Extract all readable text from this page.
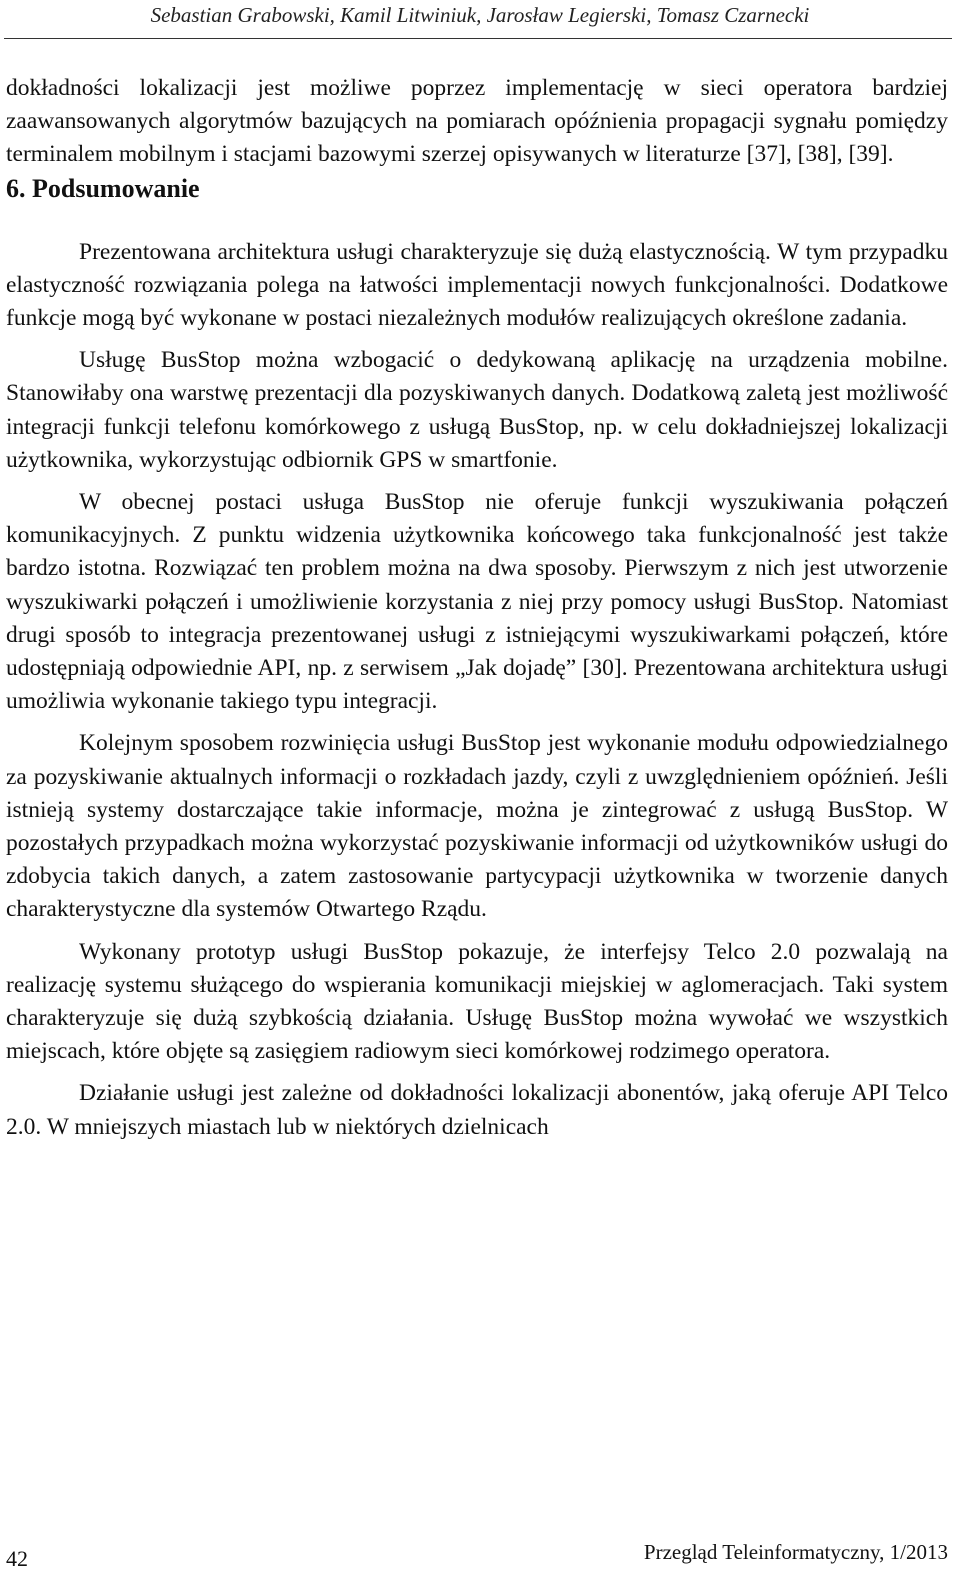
Sebastian Grabowski, Kamil Litwiniuk, Jarosław Legierski, Tomasz Czarnecki

dokładności lokalizacji jest możliwe poprzez implementację w sieci operatora bardziej zaawansowanych algorytmów bazujących na pomiarach opóźnienia propagacji sygnału pomiędzy terminalem mobilnym i stacjami bazowymi szerzej opisywanych w literaturze [37], [38], [39].

6. Podsumowanie

Prezentowana architektura usługi charakteryzuje się dużą elastycznością. W tym przypadku elastyczność rozwiązania polega na łatwości implementacji nowych funkcjonalności. Dodatkowe funkcje mogą być wykonane w postaci niezależnych modułów realizujących określone zadania.

Usługę BusStop można wzbogacić o dedykowaną aplikację na urządzenia mobilne. Stanowiłaby ona warstwę prezentacji dla pozyskiwanych danych. Dodatkową zaletą jest możliwość integracji funkcji telefonu komórkowego z usługą BusStop, np. w celu dokładniejszej lokalizacji użytkownika, wykorzystując odbiornik GPS w smartfonie.

W obecnej postaci usługa BusStop nie oferuje funkcji wyszukiwania połączeń komunikacyjnych. Z punktu widzenia użytkownika końcowego taka funkcjonalność jest także bardzo istotna. Rozwiązać ten problem można na dwa sposoby. Pierwszym z nich jest utworzenie wyszukiwarki połączeń i umożliwienie korzystania z niej przy pomocy usługi BusStop. Natomiast drugi sposób to integracja prezentowanej usługi z istniejącymi wyszukiwarkami połączeń, które udostępniają odpowiednie API, np. z serwisem „Jak dojadę” [30]. Prezentowana architektura usługi umożliwia wykonanie takiego typu integracji.

Kolejnym sposobem rozwinięcia usługi BusStop jest wykonanie modułu odpowiedzialnego za pozyskiwanie aktualnych informacji o rozkładach jazdy, czyli z uwzględnieniem opóźnień. Jeśli istnieją systemy dostarczające takie informacje, można je zintegrować z usługą BusStop. W pozostałych przypadkach można wykorzystać pozyskiwanie informacji od użytkowników usługi do zdobycia takich danych, a zatem zastosowanie partycypacji użytkownika w tworzenie danych charakterystyczne dla systemów Otwartego Rządu.

Wykonany prototyp usługi BusStop pokazuje, że interfejsy Telco 2.0 pozwalają na realizację systemu służącego do wspierania komunikacji miejskiej w aglomeracjach. Taki system charakteryzuje się dużą szybkością działania. Usługę BusStop można wywołać we wszystkich miejscach, które objęte są zasięgiem radiowym sieci komórkowej rodzimego operatora.

Działanie usługi jest zależne od dokładności lokalizacji abonentów, jaką oferuje API Telco 2.0. W mniejszych miastach lub w niektórych dzielnicach

42	Przegląd Teleinformatyczny, 1/2013
